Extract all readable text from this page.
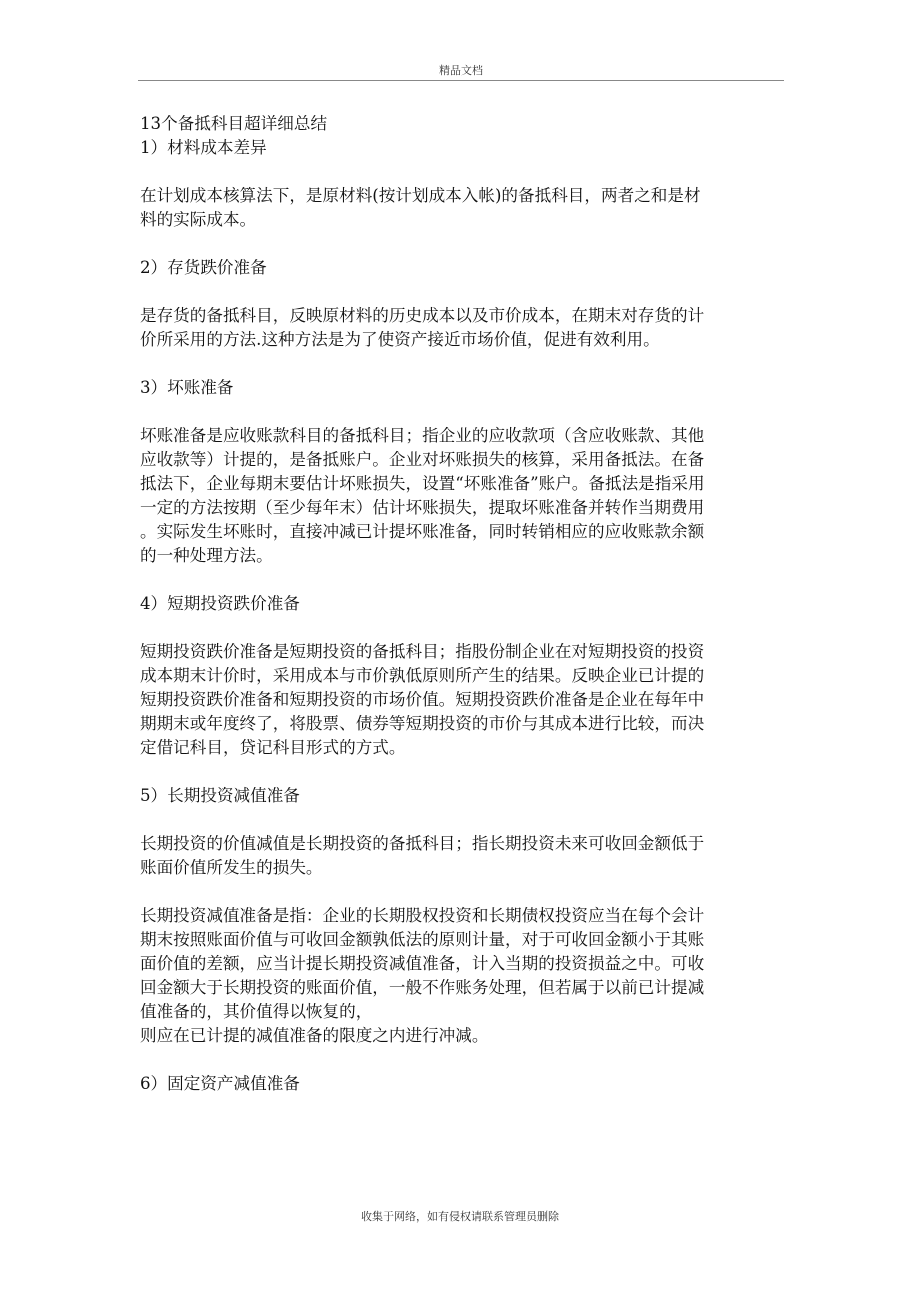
精品文档

13个备抵科目超详细总结

1）材料成本差异

在计划成本核算法下，是原材料(按计划成本入帐)的备抵科目，两者之和是材
料的实际成本。

2）存货跌价准备

是存货的备抵科目，反映原材料的历史成本以及市价成本，在期末对存货的计
价所采用的方法.这种方法是为了使资产接近市场价值，促进有效利用。

3）坏账准备

坏账准备是应收账款科目的备抵科目；指企业的应收款项（含应收账款、其他
应收款等）计提的，是备抵账户。企业对坏账损失的核算，采用备抵法。在备
抵法下，企业每期末要估计坏账损失，设置“坏账准备”账户。备抵法是指采用
一定的方法按期（至少每年末）估计坏账损失，提取坏账准备并转作当期费用
。实际发生坏账时，直接冲减已计提坏账准备，同时转销相应的应收账款余额
的一种处理方法。

4）短期投资跌价准备

短期投资跌价准备是短期投资的备抵科目；指股份制企业在对短期投资的投资
成本期末计价时，采用成本与市价孰低原则所产生的结果。反映企业已计提的
短期投资跌价准备和短期投资的市场价值。短期投资跌价准备是企业在每年中
期期末或年度终了，将股票、债券等短期投资的市价与其成本进行比较，而决
定借记科目，贷记科目形式的方式。

5）长期投资减值准备

长期投资的价值减值是长期投资的备抵科目；指长期投资未来可收回金额低于
账面价值所发生的损失。

长期投资减值准备是指：企业的长期股权投资和长期债权投资应当在每个会计
期末按照账面价值与可收回金额孰低法的原则计量，对于可收回金额小于其账
面价值的差额，应当计提长期投资减值准备，计入当期的投资损益之中。可收
回金额大于长期投资的账面价值，一般不作账务处理，但若属于以前已计提减
值准备的，其价值得以恢复的，
则应在已计提的减值准备的限度之内进行冲减。

6）固定资产减值准备

收集于网络，如有侵权请联系管理员删除
